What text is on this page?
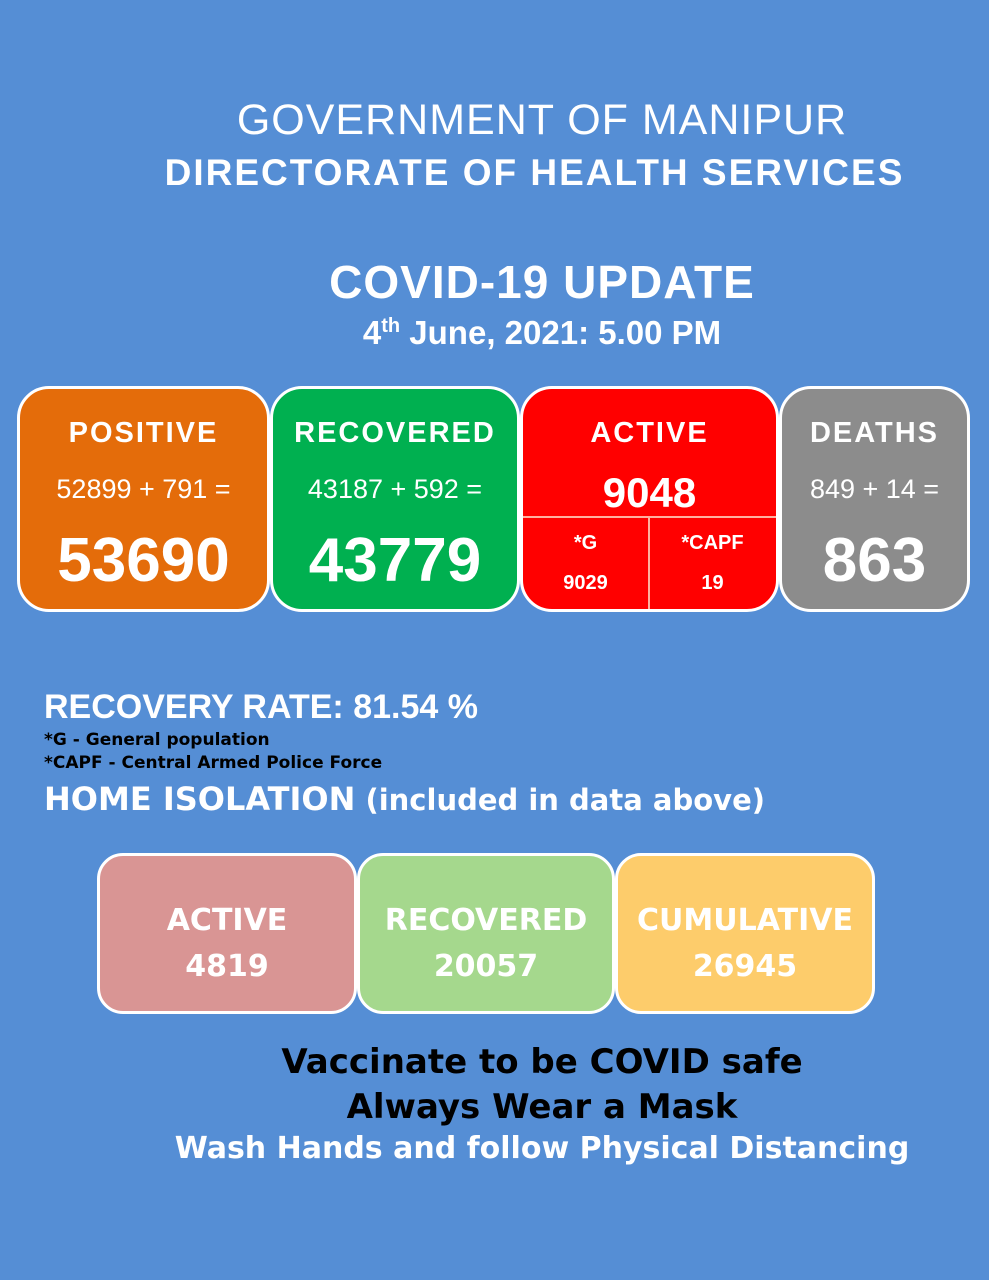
GOVERNMENT OF MANIPUR
DIRECTORATE OF HEALTH SERVICES
COVID-19 UPDATE
4th June, 2021: 5.00 PM
POSITIVE
52899 + 791 =
53690
RECOVERED
43187 + 592 =
43779
ACTIVE
9048
*G
9029
*CAPF
19
DEATHS
849 + 14 =
863
RECOVERY RATE: 81.54 %
*G - General population
*CAPF - Central Armed Police Force
HOME ISOLATION (included in data above)
ACTIVE
4819
RECOVERED
20057
CUMULATIVE
26945
Vaccinate to be COVID safe
Always Wear a Mask
Wash Hands and follow Physical Distancing
